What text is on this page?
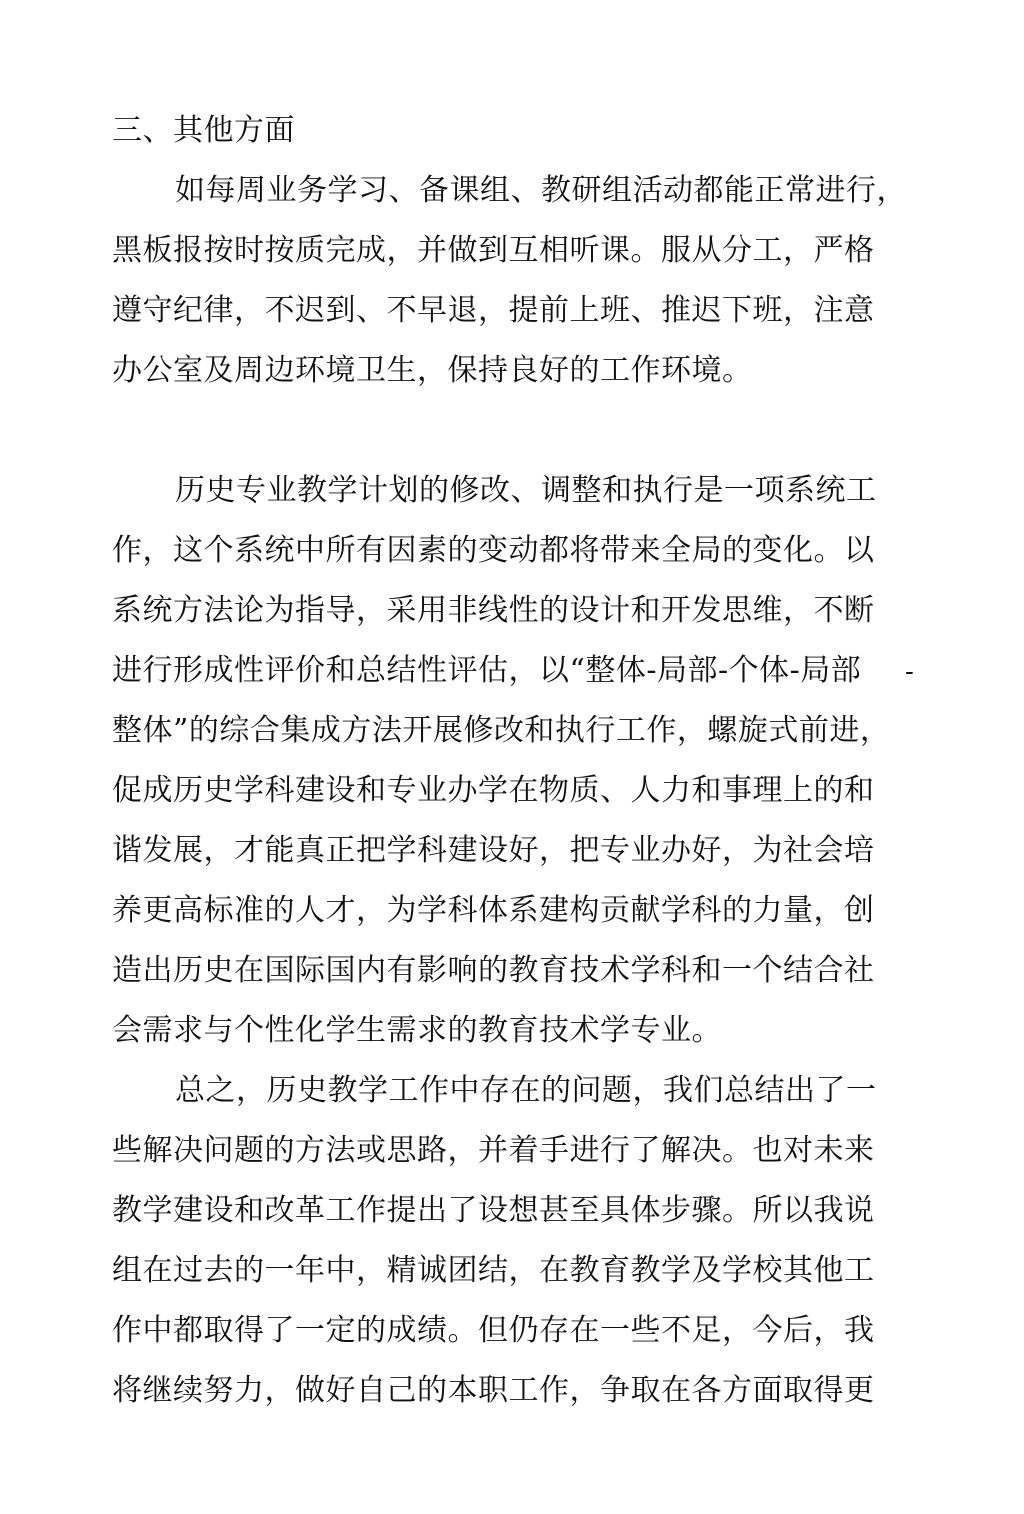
三、其他方面
如每周业务学习、备课组、教研组活动都能正常进行，
黑板报按时按质完成，并做到互相听课。服从分工，严格
遵守纪律，不迟到、不早退，提前上班、推迟下班，注意
办公室及周边环境卫生，保持良好的工作环境。
历史专业教学计划的修改、调整和执行是一项系统工
作，这个系统中所有因素的变动都将带来全局的变化。以
系统方法论为指导，采用非线性的设计和开发思维，不断
进行形成性评价和总结性评估，以“整体-局部-个体-局部 -
整体”的综合集成方法开展修改和执行工作，螺旋式前进，
促成历史学科建设和专业办学在物质、人力和事理上的和
谐发展，才能真正把学科建设好，把专业办好，为社会培
养更高标准的人才，为学科体系建构贡献学科的力量，创
造出历史在国际国内有影响的教育技术学科和一个结合社
会需求与个性化学生需求的教育技术学专业。
总之，历史教学工作中存在的问题，我们总结出了一
些解决问题的方法或思路，并着手进行了解决。也对未来
教学建设和改革工作提出了设想甚至具体步骤。所以我说
组在过去的一年中，精诚团结，在教育教学及学校其他工
作中都取得了一定的成绩。但仍存在一些不足，今后，我
将继续努力，做好自己的本职工作，争取在各方面取得更
